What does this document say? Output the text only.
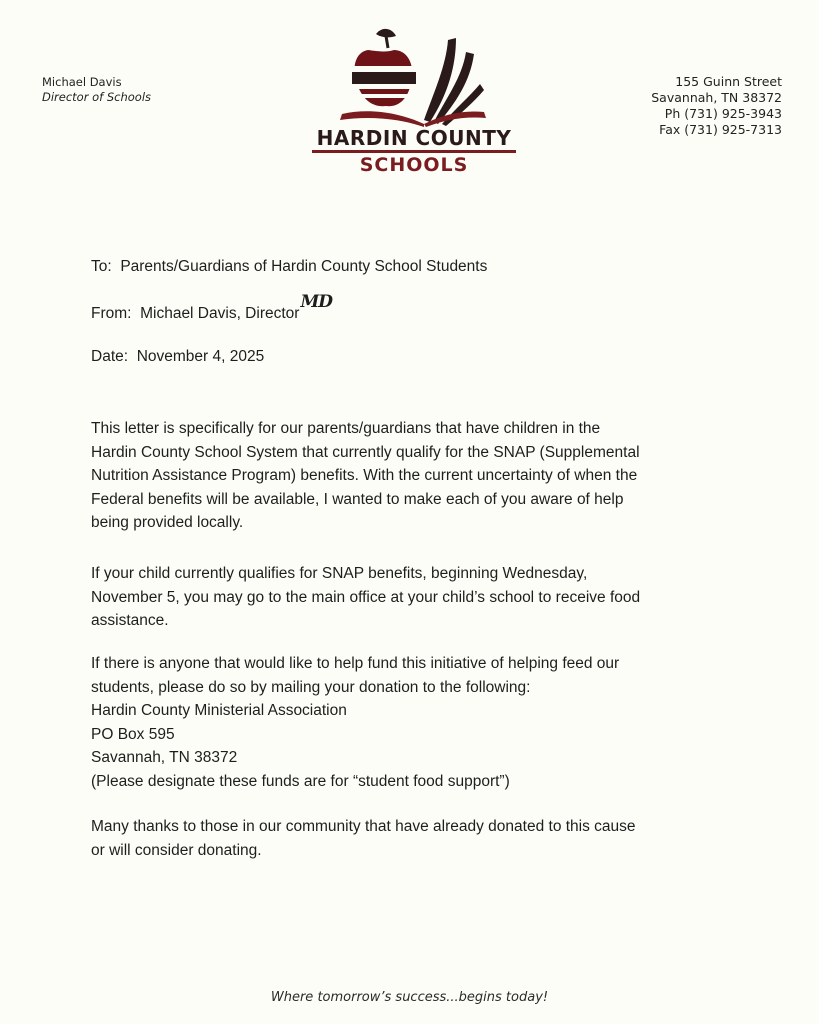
Michael Davis
Director of Schools
HARDIN COUNTY
SCHOOLS
155 Guinn Street
Savannah, TN 38372
Ph (731) 925-3943
Fax (731) 925-7313
To: Parents/Guardians of Hardin County School Students
From: Michael Davis, DirectorMD
Date: November 4, 2025
This letter is specifically for our parents/guardians that have children in the
Hardin County School System that currently qualify for the SNAP (Supplemental
Nutrition Assistance Program) benefits. With the current uncertainty of when the
Federal benefits will be available, I wanted to make each of you aware of help
being provided locally.
If your child currently qualifies for SNAP benefits, beginning Wednesday,
November 5, you may go to the main office at your child’s school to receive food
assistance.
If there is anyone that would like to help fund this initiative of helping feed our
students, please do so by mailing your donation to the following:
Hardin County Ministerial Association
PO Box 595
Savannah, TN 38372
(Please designate these funds are for “student food support”)
Many thanks to those in our community that have already donated to this cause
or will consider donating.
Where tomorrow’s success...begins today!
